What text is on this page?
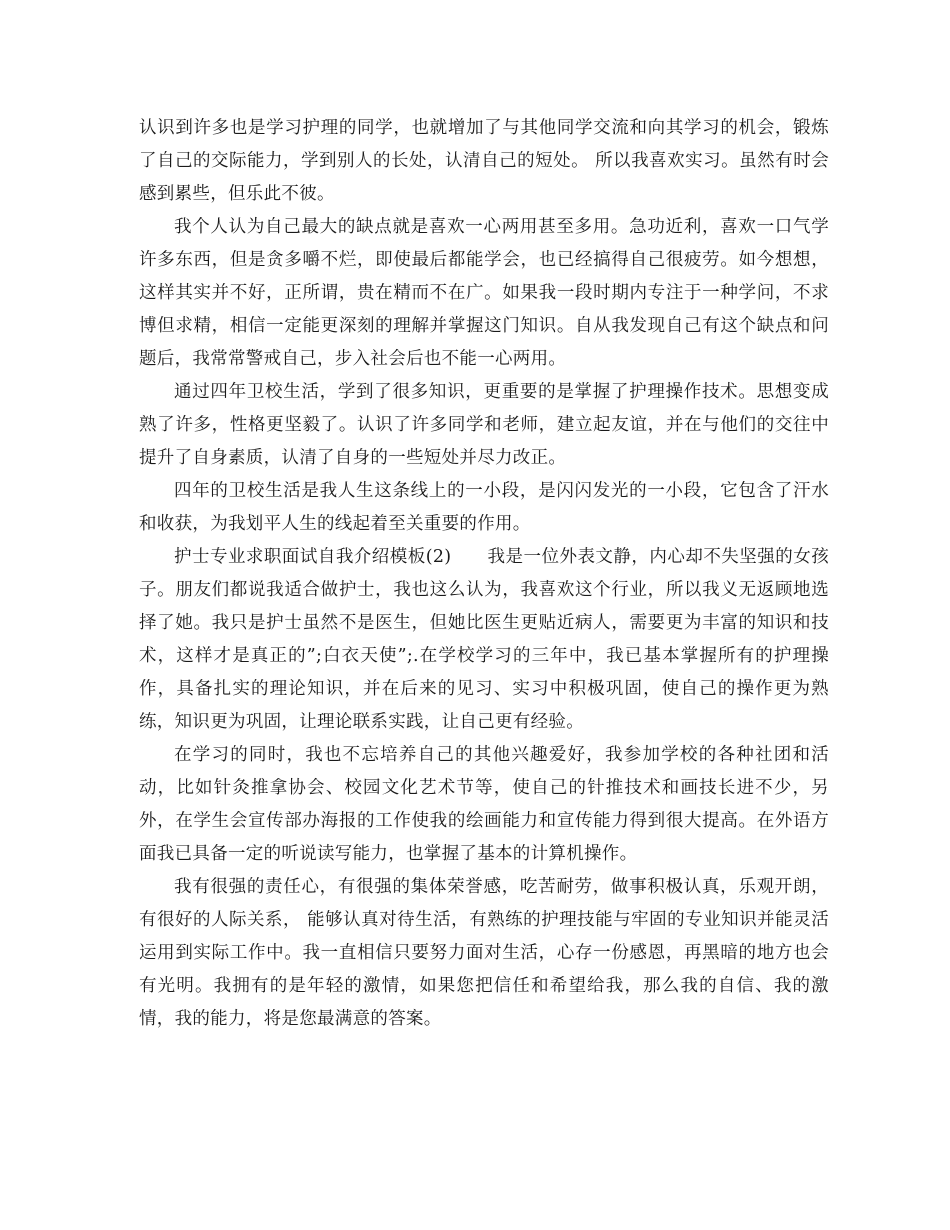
认识到许多也是学习护理的同学，也就增加了与其他同学交流和向其学习的机会，锻炼了自己的交际能力，学到别人的长处，认清自己的短处。 所以我喜欢实习。虽然有时会感到累些，但乐此不彼。

我个人认为自己最大的缺点就是喜欢一心两用甚至多用。急功近利，喜欢一口气学许多东西，但是贪多嚼不烂，即使最后都能学会，也已经搞得自己很疲劳。如今想想，这样其实并不好，正所谓，贵在精而不在广。如果我一段时期内专注于一种学问，不求博但求精，相信一定能更深刻的理解并掌握这门知识。自从我发现自己有这个缺点和问题后，我常常警戒自己，步入社会后也不能一心两用。

通过四年卫校生活，学到了很多知识，更重要的是掌握了护理操作技术。思想变成熟了许多，性格更坚毅了。认识了许多同学和老师，建立起友谊，并在与他们的交往中提升了自身素质，认清了自身的一些短处并尽力改正。

四年的卫校生活是我人生这条线上的一小段，是闪闪发光的一小段，它包含了汗水和收获，为我划平人生的线起着至关重要的作用。

护士专业求职面试自我介绍模板(2)　　我是一位外表文静，内心却不失坚强的女孩子。朋友们都说我适合做护士，我也这么认为，我喜欢这个行业，所以我义无返顾地选择了她。我只是护士虽然不是医生，但她比医生更贴近病人，需要更为丰富的知识和技术，这样才是真正的”;白衣天使”;.在学校学习的三年中，我已基本掌握所有的护理操作，具备扎实的理论知识，并在后来的见习、实习中积极巩固，使自己的操作更为熟练，知识更为巩固，让理论联系实践，让自己更有经验。

在学习的同时，我也不忘培养自己的其他兴趣爱好，我参加学校的各种社团和活动，比如针灸推拿协会、校园文化艺术节等，使自己的针推技术和画技长进不少，另外，在学生会宣传部办海报的工作使我的绘画能力和宣传能力得到很大提高。在外语方面我已具备一定的听说读写能力，也掌握了基本的计算机操作。

我有很强的责任心，有很强的集体荣誉感，吃苦耐劳，做事积极认真，乐观开朗，有很好的人际关系， 能够认真对待生活，有熟练的护理技能与牢固的专业知识并能灵活运用到实际工作中。我一直相信只要努力面对生活，心存一份感恩，再黑暗的地方也会有光明。我拥有的是年轻的激情，如果您把信任和希望给我，那么我的自信、我的激情，我的能力，将是您最满意的答案。
